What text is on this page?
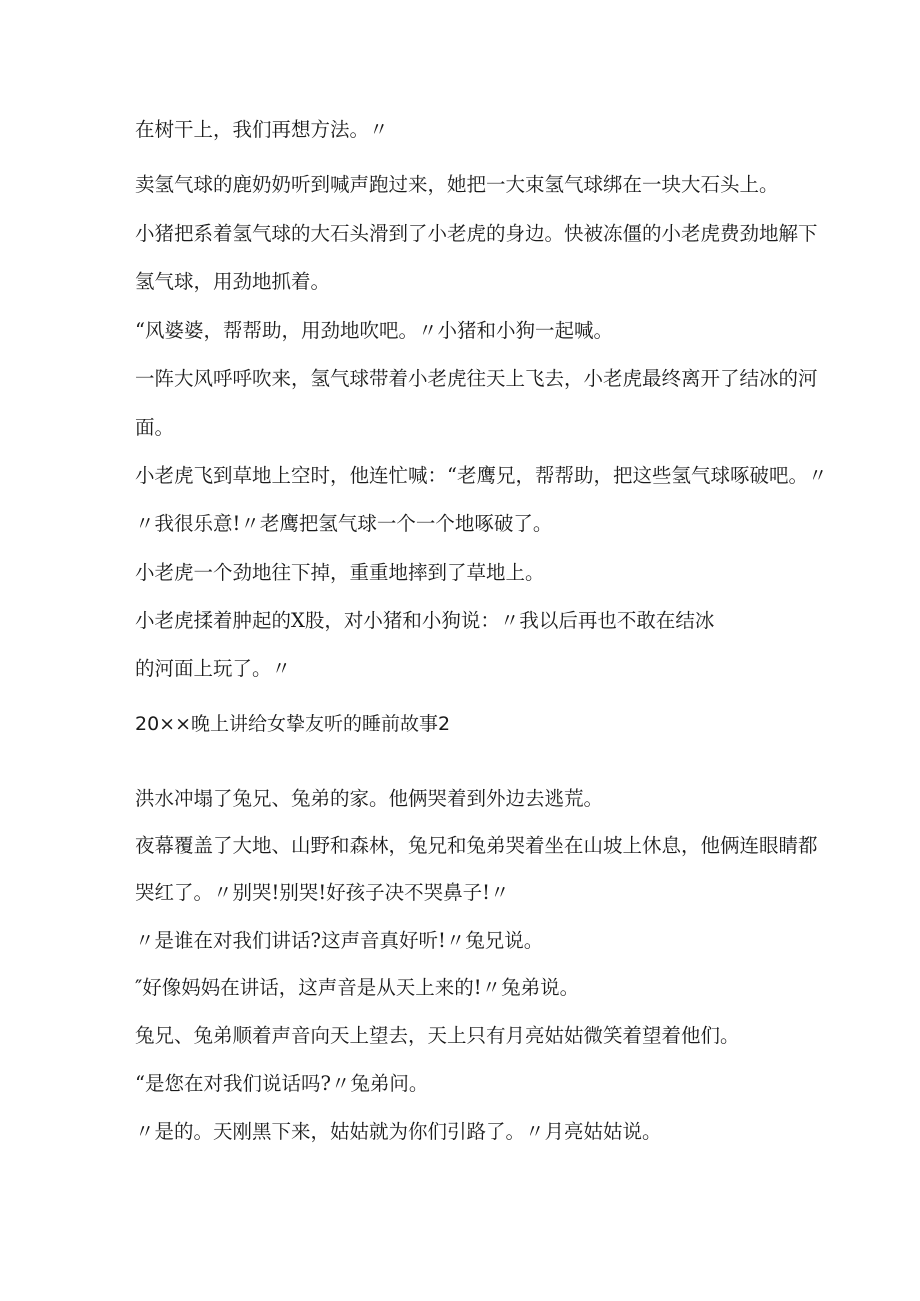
在树干上，我们再想方法。〃
卖氢气球的鹿奶奶听到喊声跑过来，她把一大束氢气球绑在一块大石头上。
小猪把系着氢气球的大石头滑到了小老虎的身边。快被冻僵的小老虎费劲地解下
氢气球，用劲地抓着。
“风婆婆，帮帮助，用劲地吹吧。〃小猪和小狗一起喊。
一阵大风呼呼吹来，氢气球带着小老虎往天上飞去，小老虎最终离开了结冰的河
面。
小老虎飞到草地上空时，他连忙喊：“老鹰兄，帮帮助，把这些氢气球啄破吧。〃
〃我很乐意!〃老鹰把氢气球一个一个地啄破了。
小老虎一个劲地往下掉，重重地摔到了草地上。
小老虎揉着肿起的X股，对小猪和小狗说：〃我以后再也不敢在结冰
的河面上玩了。〃
20××晚上讲给女挚友听的睡前故事2
洪水冲塌了兔兄、兔弟的家。他俩哭着到外边去逃荒。
夜幕覆盖了大地、山野和森林，兔兄和兔弟哭着坐在山坡上休息，他俩连眼睛都
哭红了。〃别哭!别哭!好孩子决不哭鼻子!〃
〃是谁在对我们讲话?这声音真好听!〃兔兄说。
″好像妈妈在讲话，这声音是从天上来的!〃兔弟说。
兔兄、兔弟顺着声音向天上望去，天上只有月亮姑姑微笑着望着他们。
“是您在对我们说话吗?〃兔弟问。
〃是的。天刚黑下来，姑姑就为你们引路了。〃月亮姑姑说。
